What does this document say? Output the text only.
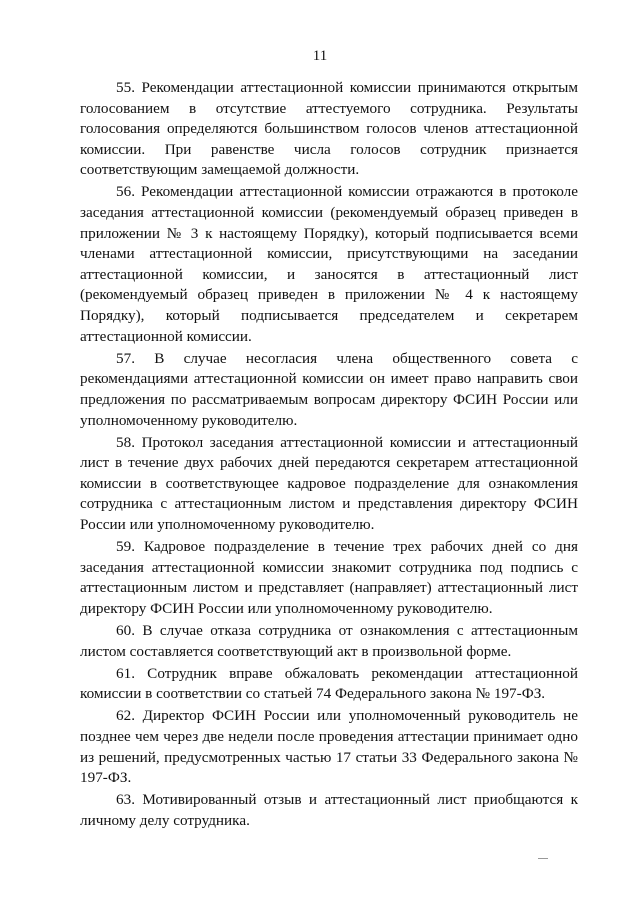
11

55. Рекомендации аттестационной комиссии принимаются открытым голосованием в отсутствие аттестуемого сотрудника. Результаты голосования определяются большинством голосов членов аттестационной комиссии. При равенстве числа голосов сотрудник признается соответствующим замещаемой должности.

56. Рекомендации аттестационной комиссии отражаются в протоколе заседания аттестационной комиссии (рекомендуемый образец приведен в приложении № 3 к настоящему Порядку), который подписывается всеми членами аттестационной комиссии, присутствующими на заседании аттестационной комиссии, и заносятся в аттестационный лист (рекомендуемый образец приведен в приложении № 4 к настоящему Порядку), который подписывается председателем и секретарем аттестационной комиссии.

57. В случае несогласия члена общественного совета с рекомендациями аттестационной комиссии он имеет право направить свои предложения по рассматриваемым вопросам директору ФСИН России или уполномоченному руководителю.

58. Протокол заседания аттестационной комиссии и аттестационный лист в течение двух рабочих дней передаются секретарем аттестационной комиссии в соответствующее кадровое подразделение для ознакомления сотрудника с аттестационным листом и представления директору ФСИН России или уполномоченному руководителю.

59. Кадровое подразделение в течение трех рабочих дней со дня заседания аттестационной комиссии знакомит сотрудника под подпись с аттестационным листом и представляет (направляет) аттестационный лист директору ФСИН России или уполномоченному руководителю.

60. В случае отказа сотрудника от ознакомления с аттестационным листом составляется соответствующий акт в произвольной форме.

61. Сотрудник вправе обжаловать рекомендации аттестационной комиссии в соответствии со статьей 74 Федерального закона № 197-ФЗ.

62. Директор ФСИН России или уполномоченный руководитель не позднее чем через две недели после проведения аттестации принимает одно из решений, предусмотренных частью 17 статьи 33 Федерального закона № 197-ФЗ.

63. Мотивированный отзыв и аттестационный лист приобщаются к личному делу сотрудника.
